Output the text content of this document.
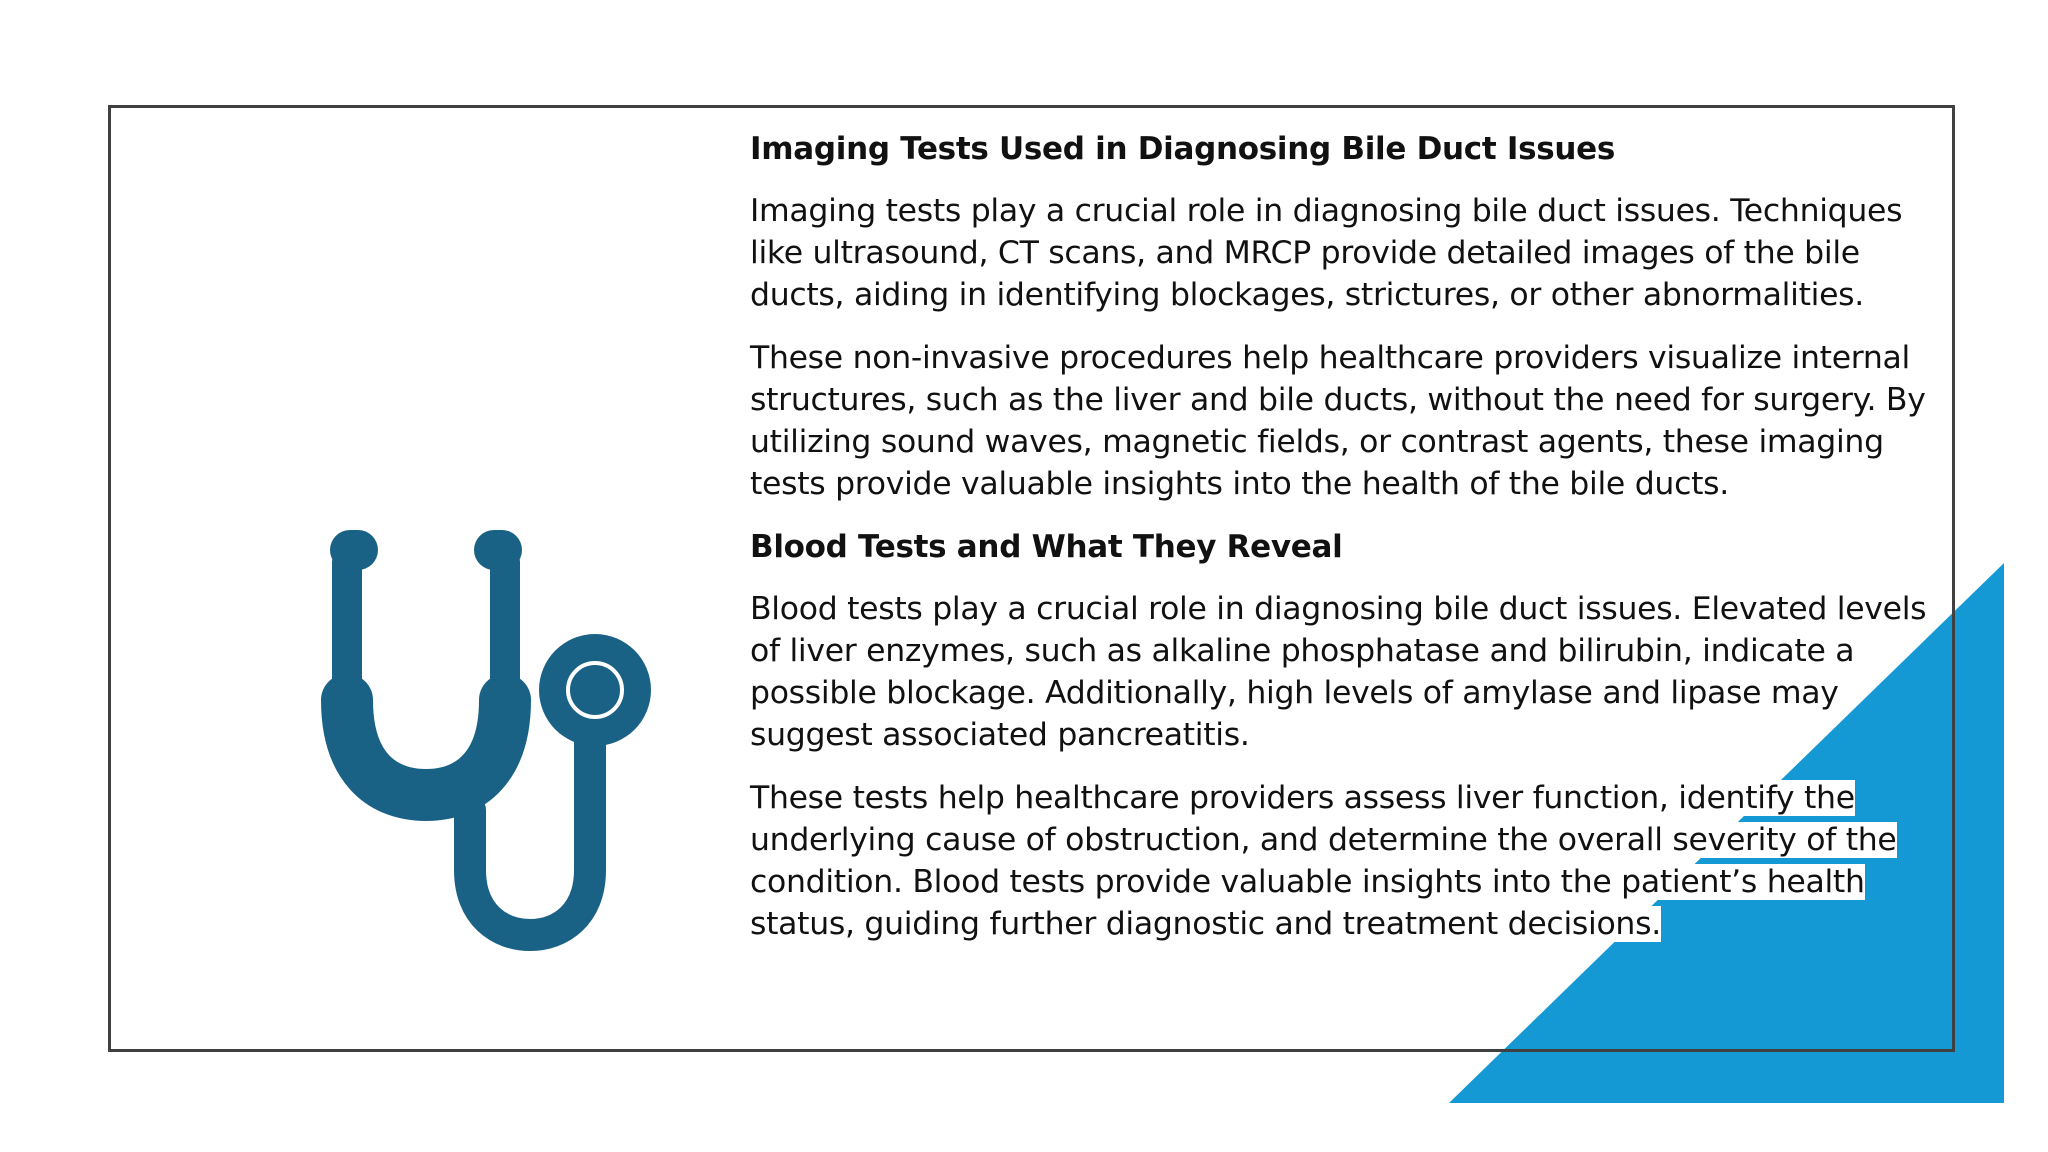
Imaging Tests Used in Diagnosing Bile Duct Issues

Imaging tests play a crucial role in diagnosing bile duct issues. Techniques like ultrasound, CT scans, and MRCP provide detailed images of the bile ducts, aiding in identifying blockages, strictures, or other abnormalities.

These non-invasive procedures help healthcare providers visualize internal structures, such as the liver and bile ducts, without the need for surgery. By utilizing sound waves, magnetic fields, or contrast agents, these imaging tests provide valuable insights into the health of the bile ducts.

Blood Tests and What They Reveal

Blood tests play a crucial role in diagnosing bile duct issues. Elevated levels of liver enzymes, such as alkaline phosphatase and bilirubin, indicate a possible blockage. Additionally, high levels of amylase and lipase may suggest associated pancreatitis.

These tests help healthcare providers assess liver function, identify the underlying cause of obstruction, and determine the overall severity of the condition. Blood tests provide valuable insights into the patient’s health status, guiding further diagnostic and treatment decisions.
